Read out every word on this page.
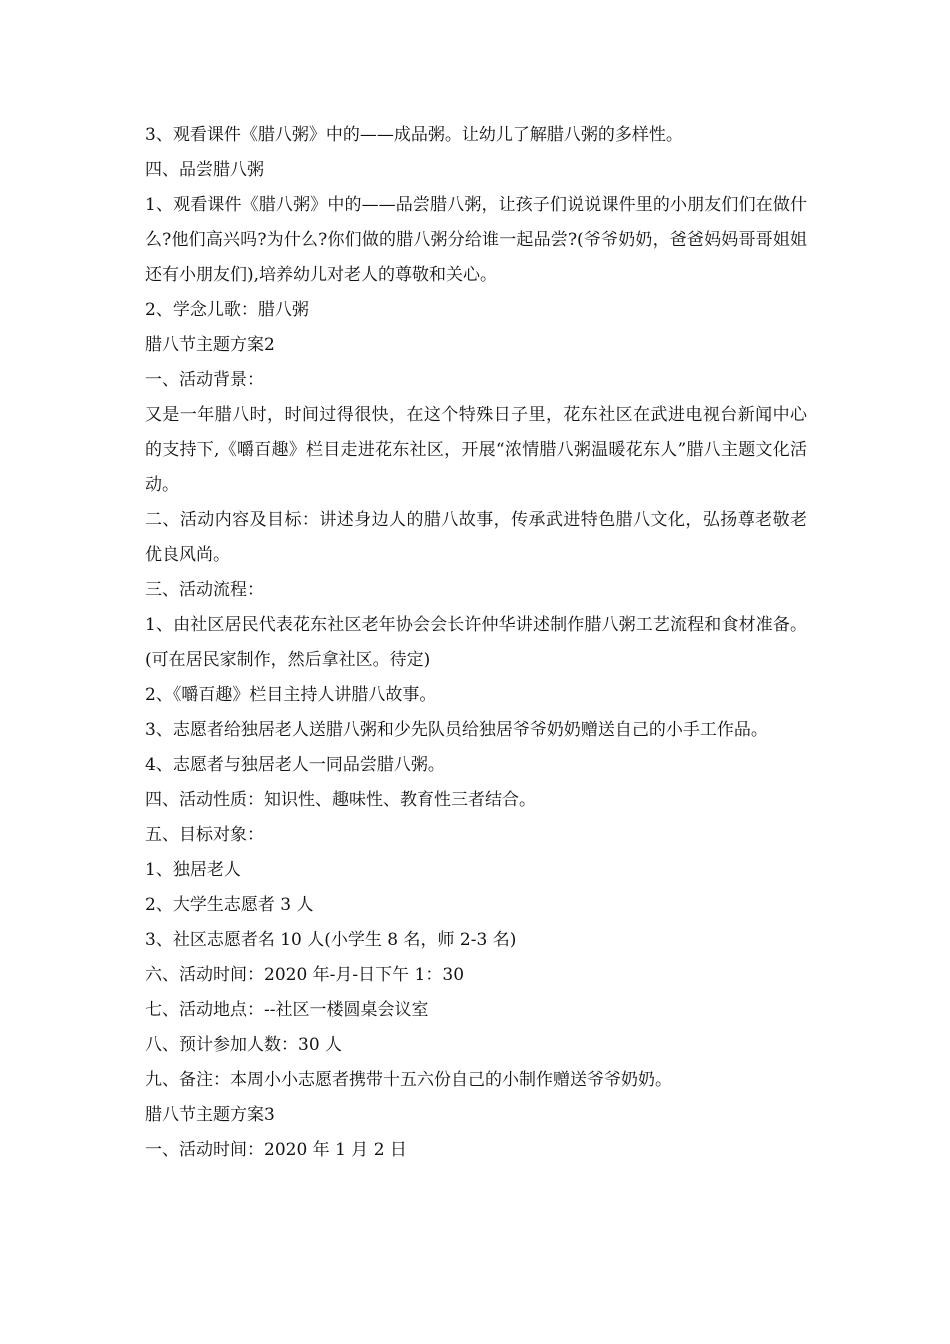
3、观看课件《腊八粥》中的——成品粥。让幼儿了解腊八粥的多样性。

四、品尝腊八粥

1、观看课件《腊八粥》中的——品尝腊八粥，让孩子们说说课件里的小朋友们们在做什么?他们高兴吗?为什么?你们做的腊八粥分给谁一起品尝?(爷爷奶奶，爸爸妈妈哥哥姐姐还有小朋友们),培养幼儿对老人的尊敬和关心。

2、学念儿歌：腊八粥

腊八节主题方案2

一、活动背景：

又是一年腊八时，时间过得很快，在这个特殊日子里，花东社区在武进电视台新闻中心的支持下,《嚼百趣》栏目走进花东社区，开展“浓情腊八粥温暖花东人”腊八主题文化活动。

二、活动内容及目标：讲述身边人的腊八故事，传承武进特色腊八文化，弘扬尊老敬老优良风尚。

三、活动流程：

1、由社区居民代表花东社区老年协会会长许仲华讲述制作腊八粥工艺流程和食材准备。(可在居民家制作，然后拿社区。待定)

2、《嚼百趣》栏目主持人讲腊八故事。

3、志愿者给独居老人送腊八粥和少先队员给独居爷爷奶奶赠送自己的小手工作品。

4、志愿者与独居老人一同品尝腊八粥。

四、活动性质：知识性、趣味性、教育性三者结合。

五、目标对象：

1、独居老人

2、大学生志愿者 3 人

3、社区志愿者名 10 人(小学生 8 名，师 2-3 名)

六、活动时间：2020 年-月-日下午 1：30

七、活动地点：--社区一楼圆桌会议室

八、预计参加人数：30 人

九、备注：本周小小志愿者携带十五六份自己的小制作赠送爷爷奶奶。

腊八节主题方案3

一、活动时间：2020 年 1 月 2 日
